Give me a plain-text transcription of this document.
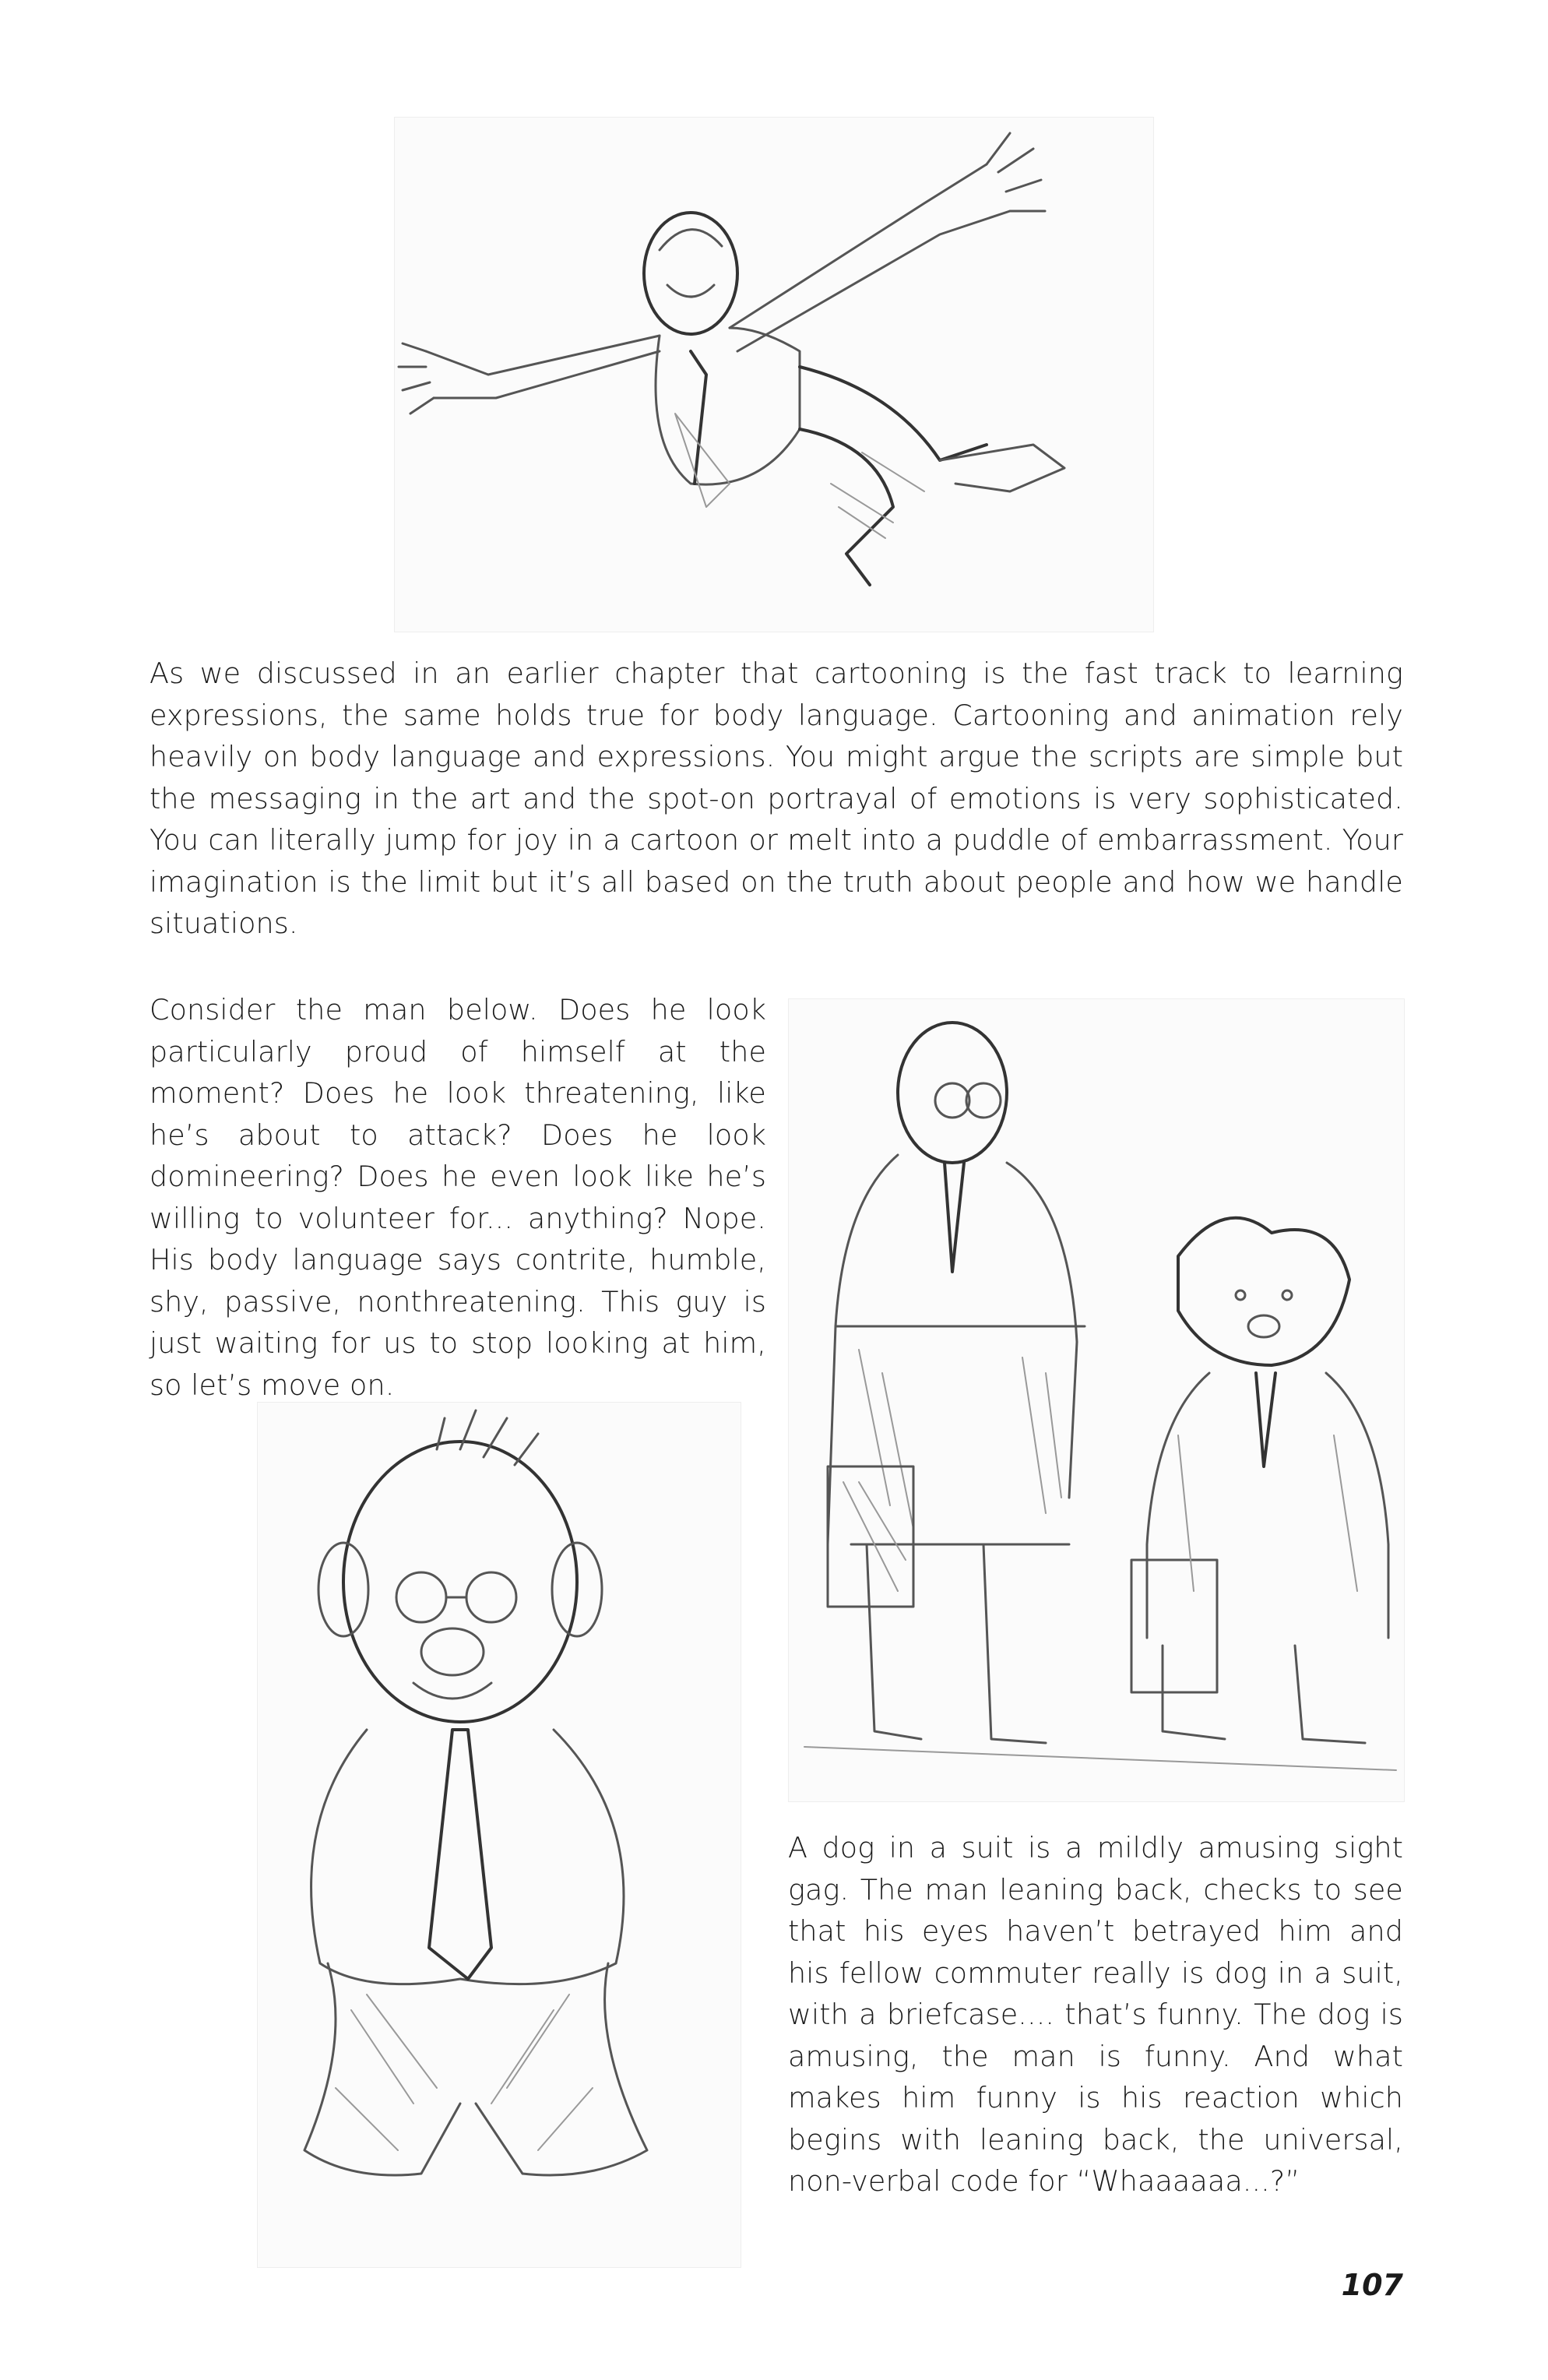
As we discussed in an earlier chapter that cartooning is the fast track to learning expressions, the same holds true for body language. Cartooning and animation rely heavily on body language and expressions. You might argue the scripts are simple but the messaging in the art and the spot-on portrayal of emotions is very sophisticated. You can literally jump for joy in a cartoon or melt into a puddle of embarrassment. Your imagination is the limit but it’s all based on the truth about people and how we handle situations.

Consider the man below. Does he look particularly proud of himself at the moment? Does he look threatening, like he’s about to attack? Does he look domineering? Does he even look like he’s willing to volunteer for... anything? Nope. His body language says contrite, humble, shy, passive, nonthreatening. This guy is just waiting for us to stop looking at him, so let’s move on.

A dog in a suit is a mildly amusing sight gag. The man leaning back, checks to see that his eyes haven’t betrayed him and his fellow commuter really is dog in a suit, with a briefcase.... that’s funny. The dog is amusing, the man is funny. And what makes him funny is his reaction which begins with leaning back, the universal, non-verbal code for “Whaaaaaa...?”

107
